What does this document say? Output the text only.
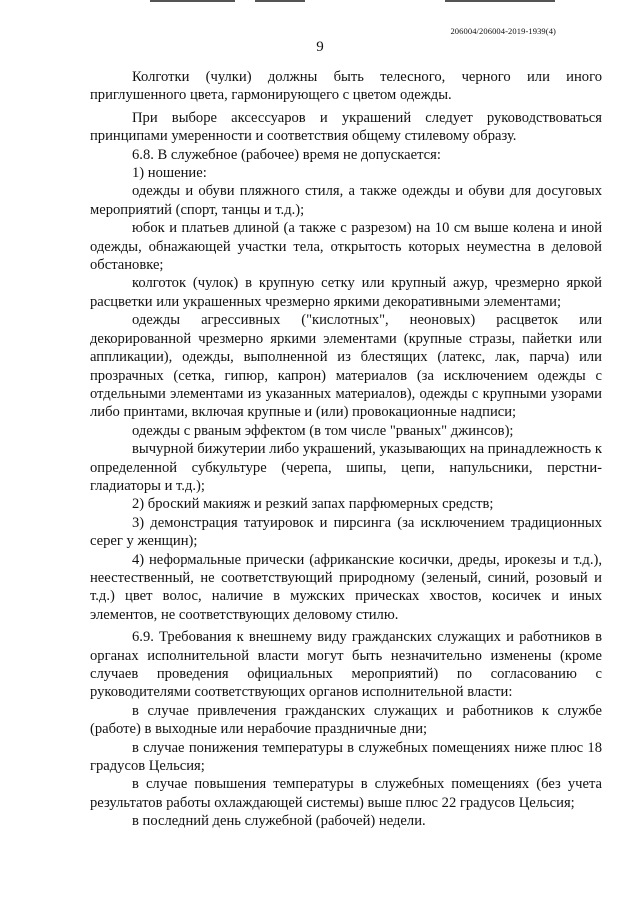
206004/206004-2019-1939(4)
9

Колготки (чулки) должны быть телесного, черного или иного приглушенного цвета, гармонирующего с цветом одежды.

При выборе аксессуаров и украшений следует руководствоваться принципами умеренности и соответствия общему стилевому образу.

6.8. В служебное (рабочее) время не допускается:

1) ношение:

одежды и обуви пляжного стиля, а также одежды и обуви для досуговых мероприятий (спорт, танцы и т.д.);

юбок и платьев длиной (а также с разрезом) на 10 см выше колена и иной одежды, обнажающей участки тела, открытость которых неуместна в деловой обстановке;

колготок (чулок) в крупную сетку или крупный ажур, чрезмерно яркой расцветки или украшенных чрезмерно яркими декоративными элементами;

одежды агрессивных ("кислотных", неоновых) расцветок или декорированной чрезмерно яркими элементами (крупные стразы, пайетки или аппликации), одежды, выполненной из блестящих (латекс, лак, парча) или прозрачных (сетка, гипюр, капрон) материалов (за исключением одежды с отдельными элементами из указанных материалов), одежды с крупными узорами либо принтами, включая крупные и (или) провокационные надписи;

одежды с рваным эффектом (в том числе "рваных" джинсов);

вычурной бижутерии либо украшений, указывающих на принадлежность к определенной субкультуре (черепа, шипы, цепи, напульсники, перстни-гладиаторы и т.д.);

2) броский макияж и резкий запах парфюмерных средств;

3) демонстрация татуировок и пирсинга (за исключением традиционных серег у женщин);

4) неформальные прически (африканские косички, дреды, ирокезы и т.д.), неестественный, не соответствующий природному (зеленый, синий, розовый и т.д.) цвет волос, наличие в мужских прическах хвостов, косичек и иных элементов, не соответствующих деловому стилю.

6.9. Требования к внешнему виду гражданских служащих и работников в органах исполнительной власти могут быть незначительно изменены (кроме случаев проведения официальных мероприятий) по согласованию с руководителями соответствующих органов исполнительной власти:

в случае привлечения гражданских служащих и работников к службе (работе) в выходные или нерабочие праздничные дни;

в случае понижения температуры в служебных помещениях ниже плюс 18 градусов Цельсия;

в случае повышения температуры в служебных помещениях (без учета результатов работы охлаждающей системы) выше плюс 22 градусов Цельсия;

в последний день служебной (рабочей) недели.
